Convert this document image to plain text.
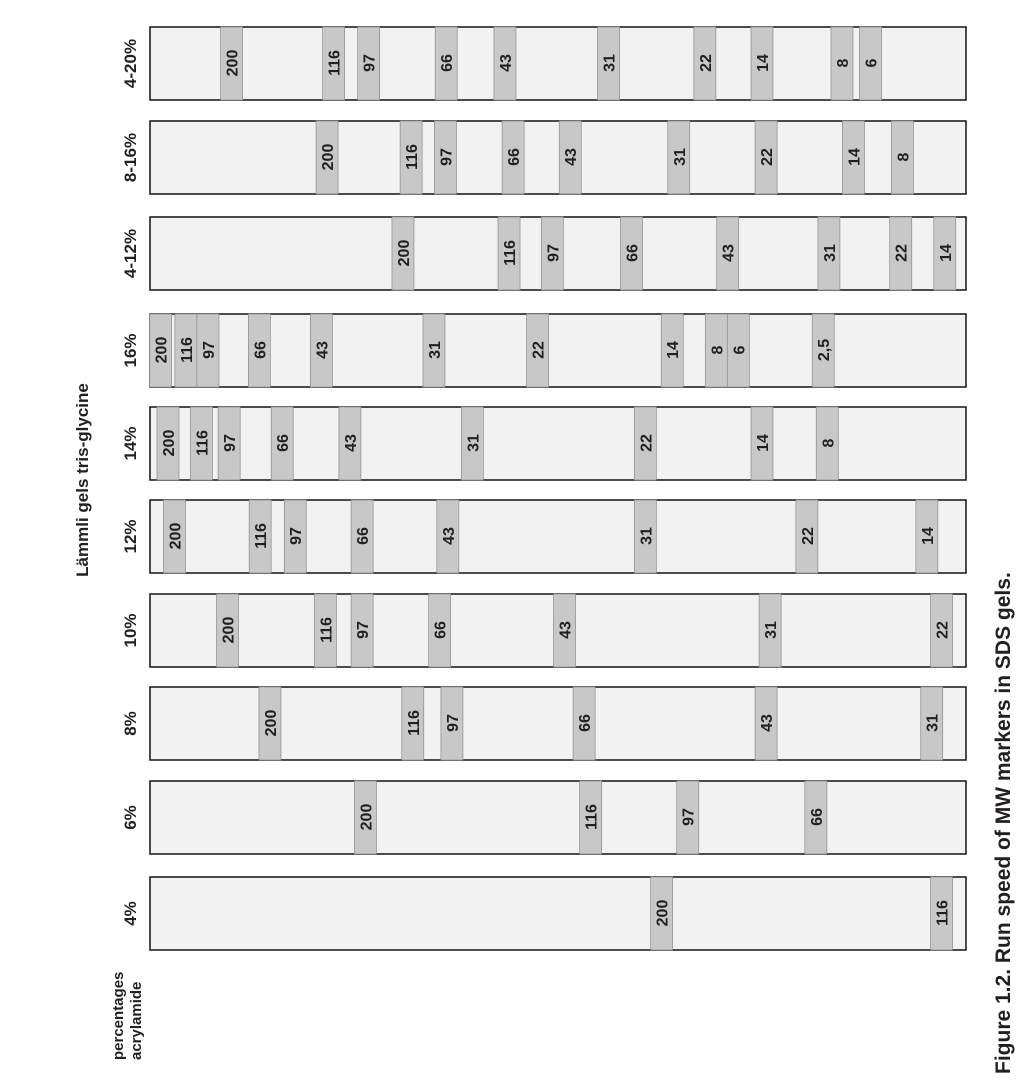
4-20%	200	116 97	66	43	31	22	14	8 6
8-16%	200	116 97	66	43	31	22	14 8
4-12%	200	116 97	66	43	31	22 14
16% 200 116 97 66	43	31	22	14 8 6	2,5
14% 200 116 97 66	43	31	22	14	8
12% 200	116 97	66	43	31	22	14
10%	200	116 97	66	43	31	22
8%	200	116 97	66	43	31
6%	200	116	97	66
4%	200	116
Lämmli gels tris-glycine
percentages acrylamide	Figure 1.2. Run speed of MW markers in SDS gels.
